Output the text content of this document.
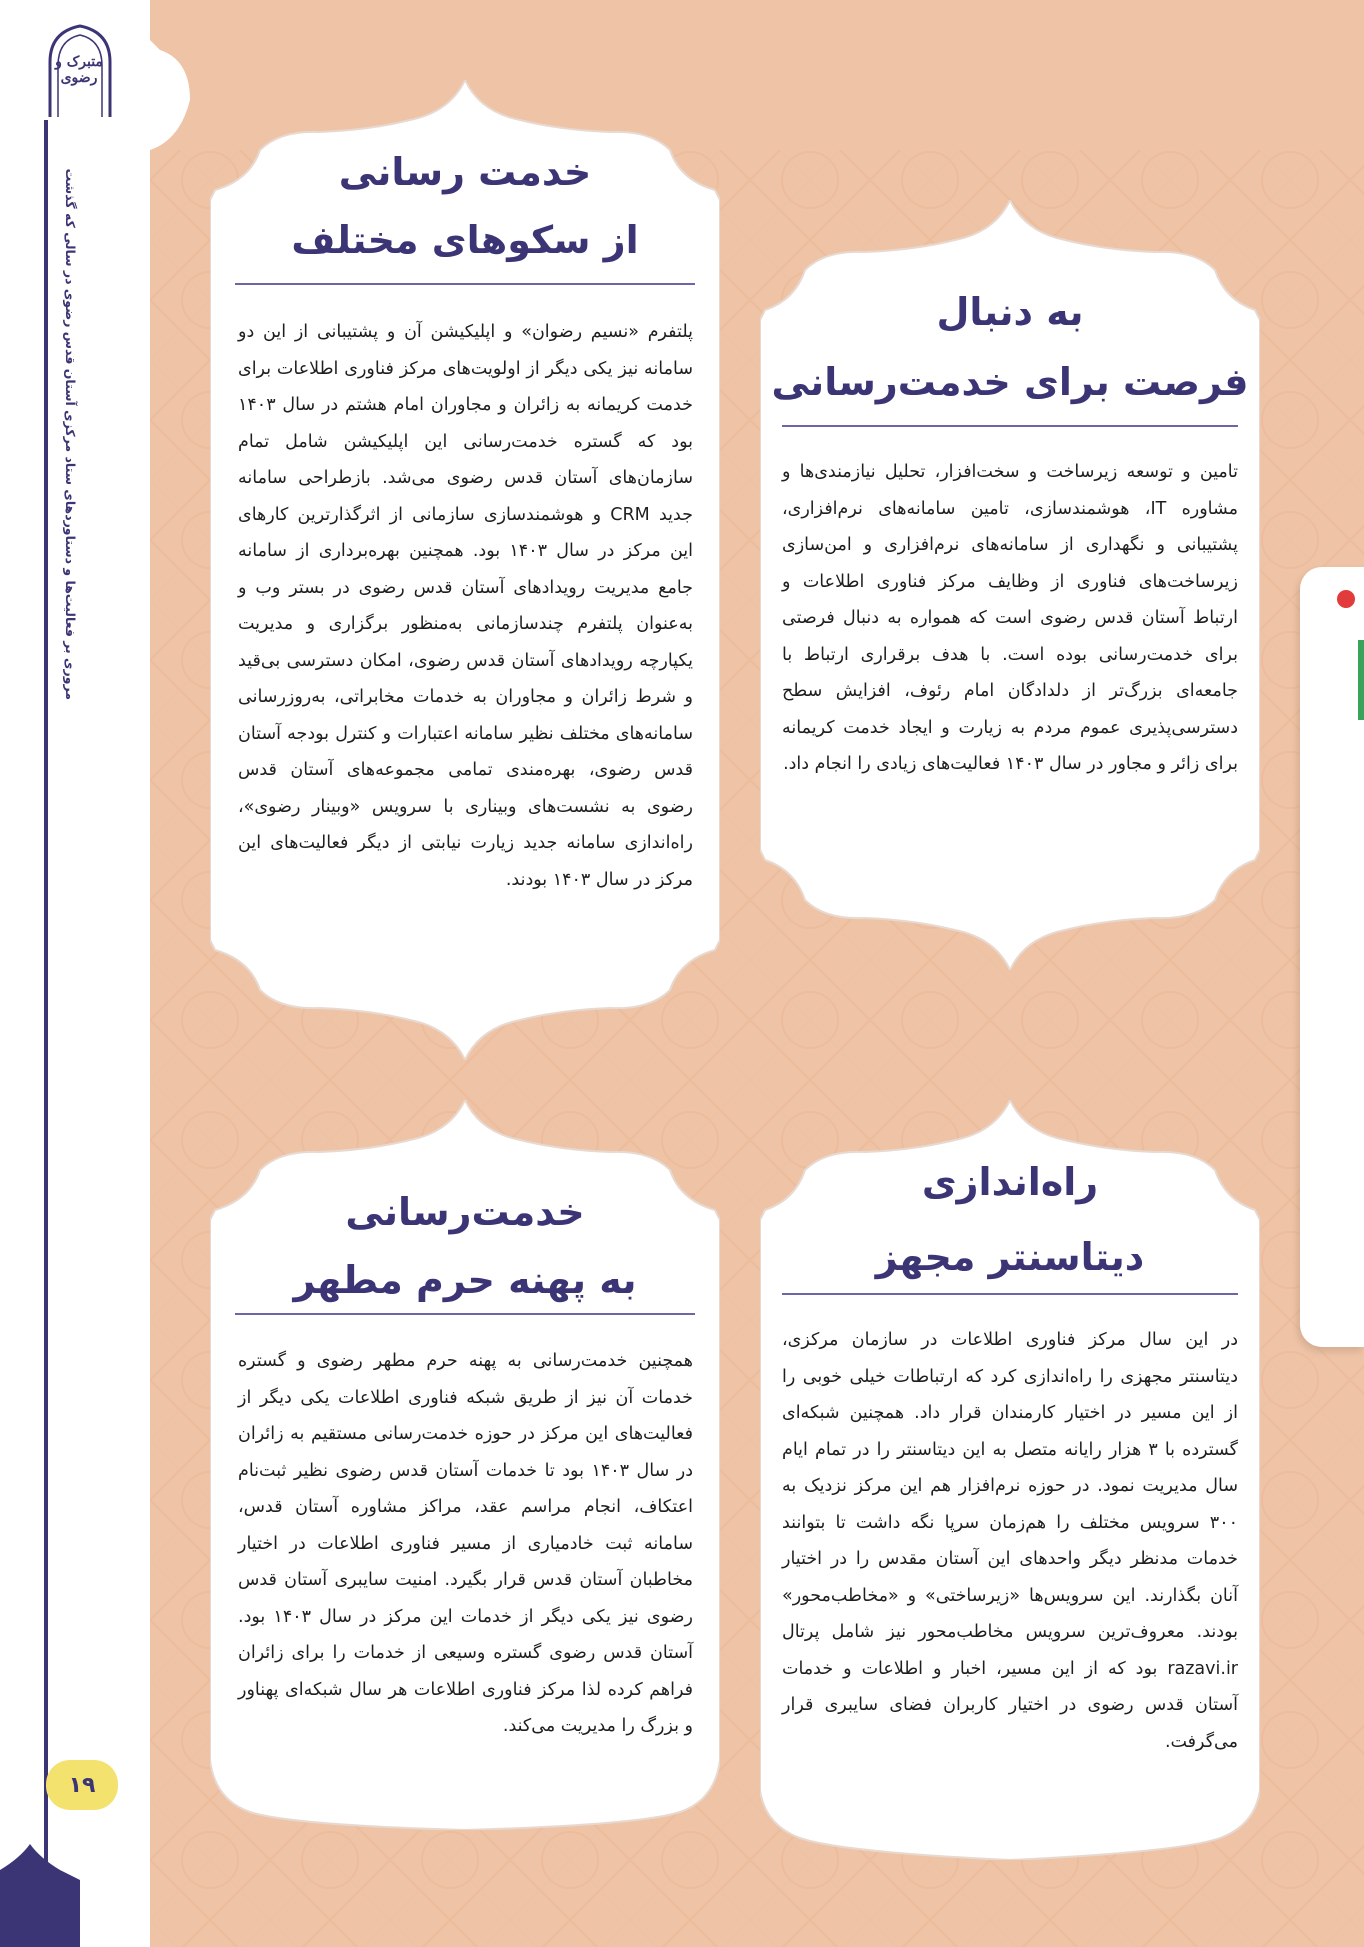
متبرک و رضوی
مروری بر فعالیت‌ها و دستاوردهای ستاد مرکزی آستان قدس رضوی در سالی که گذشت
۱۹
خدمت رسانی
از سکوهای مختلف
پلتفرم «نسیم رضوان» و اپلیکیشن آن و پشتیبانی از این دو سامانه نیز یکی دیگر از اولویت‌های مرکز فناوری اطلاعات برای خدمت کریمانه به زائران و مجاوران امام هشتم در سال ۱۴۰۳ بود که گستره خدمت‌رسانی این اپلیکیشن شامل تمام سازمان‌های آستان قدس رضوی می‌شد. بازطراحی سامانه جدید CRM و هوشمندسازی سازمانی از اثرگذارترین کارهای این مرکز در سال ۱۴۰۳ بود. همچنین بهره‌برداری از سامانه جامع مدیریت رویدادهای آستان قدس رضوی در بستر وب و به‌عنوان پلتفرم چندسازمانی به‌منظور برگزاری و مدیریت یکپارچه رویدادهای آستان قدس رضوی، امکان دسترسی بی‌قید و شرط زائران و مجاوران به خدمات مخابراتی، به‌روزرسانی سامانه‌های مختلف نظیر سامانه اعتبارات و کنترل بودجه آستان قدس رضوی، بهره‌مندی تمامی مجموعه‌های آستان قدس رضوی به نشست‌های وبیناری با سرویس «وبینار رضوی»، راه‌اندازی سامانه جدید زیارت نیابتی از دیگر فعالیت‌های این مرکز در سال ۱۴۰۳ بودند.
به دنبال
فرصت برای خدمت‌رسانی
تامین و توسعه زیرساخت و سخت‌افزار، تحلیل نیازمندی‌ها و مشاوره IT، هوشمندسازی، تامین سامانه‌های نرم‌افزاری، پشتیبانی و نگهداری از سامانه‌های نرم‌افزاری و امن‌سازی زیرساخت‌های فناوری از وظایف مرکز فناوری اطلاعات و ارتباط آستان قدس رضوی است که همواره به دنبال فرصتی برای خدمت‌رسانی بوده است. با هدف برقراری ارتباط با جامعه‌ای بزرگ‌تر از دلدادگان امام رئوف، افزایش سطح دسترسی‌پذیری عموم مردم به زیارت و ایجاد خدمت کریمانه برای زائر و مجاور در سال ۱۴۰۳ فعالیت‌های زیادی را انجام داد.
خدمت‌رسانی
به پهنه حرم مطهر
همچنین خدمت‌رسانی به پهنه حرم مطهر رضوی و گستره خدمات آن نیز از طریق شبکه فناوری اطلاعات یکی دیگر از فعالیت‌های این مرکز در حوزه خدمت‌رسانی مستقیم به زائران در سال ۱۴۰۳ بود تا خدمات آستان قدس رضوی نظیر ثبت‌نام اعتکاف، انجام مراسم عقد، مراکز مشاوره آستان قدس، سامانه ثبت خادمیاری از مسیر فناوری اطلاعات در اختیار مخاطبان آستان قدس قرار بگیرد. امنیت سایبری آستان قدس رضوی نیز یکی دیگر از خدمات این مرکز در سال ۱۴۰۳ بود. آستان قدس رضوی گستره وسیعی از خدمات را برای زائران فراهم کرده لذا مرکز فناوری اطلاعات هر سال شبکه‌ای پهناور و بزرگ را مدیریت می‌کند.
راه‌اندازی
دیتاسنتر مجهز
در این سال مرکز فناوری اطلاعات در سازمان مرکزی، دیتاسنتر مجهزی را راه‌اندازی کرد که ارتباطات خیلی خوبی را از این مسیر در اختیار کارمندان قرار داد. همچنین شبکه‌ای گسترده با ۳ هزار رایانه متصل به این دیتاسنتر را در تمام ایام سال مدیریت نمود. در حوزه نرم‌افزار هم این مرکز نزدیک به ۳۰۰ سرویس مختلف را هم‌زمان سرپا نگه داشت تا بتوانند خدمات مدنظر دیگر واحدهای این آستان مقدس را در اختیار آنان بگذارند. این سرویس‌ها «زیرساختی» و «مخاطب‌محور» بودند. معروف‌ترین سرویس مخاطب‌محور نیز شامل پرتال razavi.ir بود که از این مسیر، اخبار و اطلاعات و خدمات آستان قدس رضوی در اختیار کاربران فضای سایبری قرار می‌گرفت.
